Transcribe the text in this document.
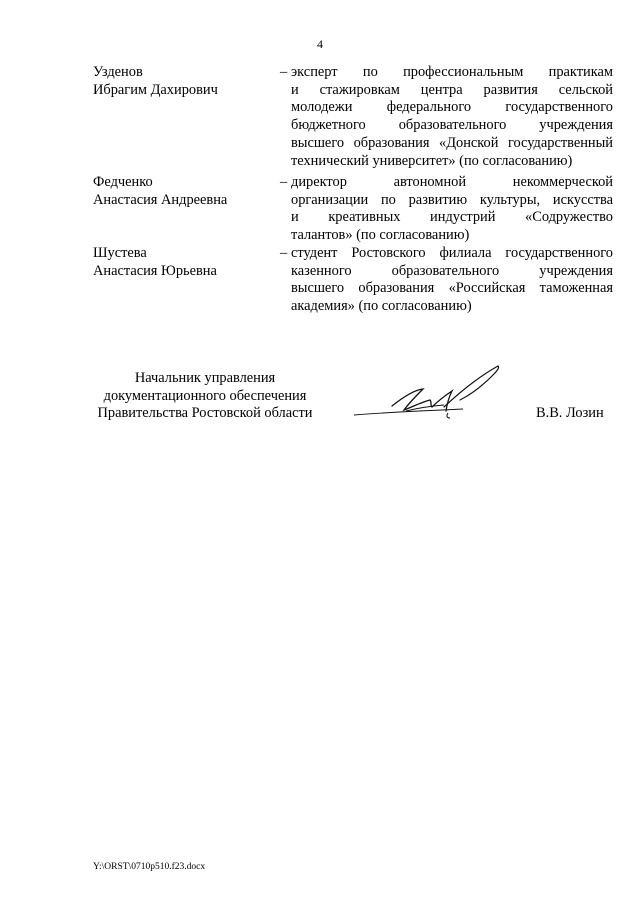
4
Узденов
Ибрагим Дахирович
– эксперт по профессиональным практикам
и стажировкам центра развития сельской
молодежи федерального государственного
бюджетного образовательного учреждения
высшего образования «Донской государственный
технический университет» (по согласованию)
Федченко
Анастасия Андреевна
– директор автономной некоммерческой
организации по развитию культуры, искусства
и креативных индустрий «Содружество
талантов» (по согласованию)
Шустева
Анастасия Юрьевна
– студент Ростовского филиала государственного
казенного образовательного учреждения
высшего образования «Российская таможенная
академия» (по согласованию)
Начальник управления
документационного обеспечения
Правительства Ростовской области	В.В. Лозин
Y:\ORST\0710p510.f23.docx
